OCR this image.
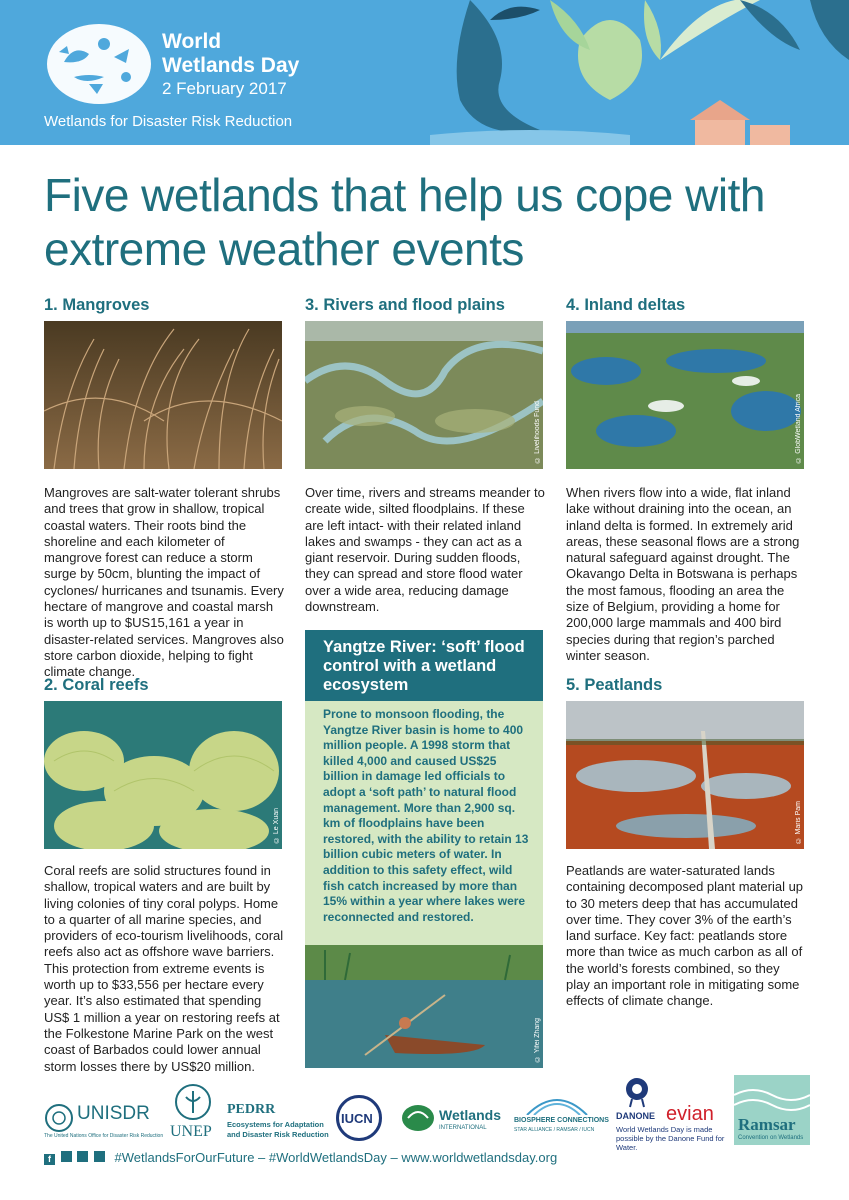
World
Wetlands Day
2 February 2017
Wetlands for Disaster Risk Reduction
Five wetlands that help us cope with extreme weather events
1. Mangroves

Mangroves are salt-water tolerant shrubs and trees that grow in shallow, tropical coastal waters. Their roots bind the shoreline and each kilometer of mangrove forest can reduce a storm surge by 50cm, blunting the impact of cyclones/ hurricanes and tsunamis. Every hectare of mangrove and coastal marsh is worth up to $US15,161 a year in disaster-related services. Mangroves also store carbon dioxide, helping to fight climate change.

2. Coral reefs
© Le Xuan

Coral reefs are solid structures found in shallow, tropical waters and are built by living colonies of tiny coral polyps. Home to a quarter of all marine species, and providers of eco-tourism livelihoods, coral reefs also act as offshore wave barriers. This protection from extreme events is worth up to $33,556 per hectare every year. It’s also estimated that spending US$ 1 million a year on restoring reefs at the Folkestone Marine Park on the west coast of Barbados could lower annual storm losses there by US$20 million.

3. Rivers and flood plains
© Livelihoods Fund

Over time, rivers and streams meander to create wide, silted floodplains. If these are left intact- with their related inland lakes and swamps - they can act as a giant reservoir. During sudden floods, they can spread and store flood water over a wide area, reducing damage downstream.

Yangtze River: ‘soft’ flood control with a wetland ecosystem

Prone to monsoon flooding, the Yangtze River basin is home to 400 million people. A 1998 storm that killed 4,000 and caused US$25 billion in damage led officials to adopt a ‘soft path’ to natural flood management. More than 2,900 sq. km of floodplains have been restored, with the ability to retain 13 billion cubic meters of water. In addition to this safety effect, wild fish catch increased by more than 15% within a year where lakes were reconnected and restored.

© Yifei Zhang
4. Inland deltas
© GlobWetland Africa

When rivers flow into a wide, flat inland lake without draining into the ocean, an inland delta is formed. In extremely arid areas, these seasonal flows are a strong natural safeguard against drought. The Okavango Delta in Botswana is perhaps the most famous, flooding an area the size of Belgium, providing a home for 200,000 large mammals and 400 bird species during that region’s parched winter season.

5. Peatlands
© Maris Pam

Peatlands are water-saturated lands containing decomposed plant material up to 30 meters deep that has accumulated over time. They cover 3% of the earth’s land surface. Key fact: peatlands store more than twice as much carbon as all of the world’s forests combined, so they play an important role in mitigating some effects of climate change.

UNISDR
The United Nations Office for Disaster Risk Reduction UNEP
PEDRR
Ecosystems for Adaptation
and Disaster Risk Reduction
IUCN	Wetlands
INTERNATIONAL
BIOSPHERE CONNECTIONS
STAR ALLIANCE / RAMSAR / IUCN
DANONE evian
World Wetlands Day is made possible by the Danone Fund for Water.
Ramsar
Convention on Wetlands
f	#WetlandsForOurFuture – #WorldWetlandsDay – www.worldwetlandsday.org
